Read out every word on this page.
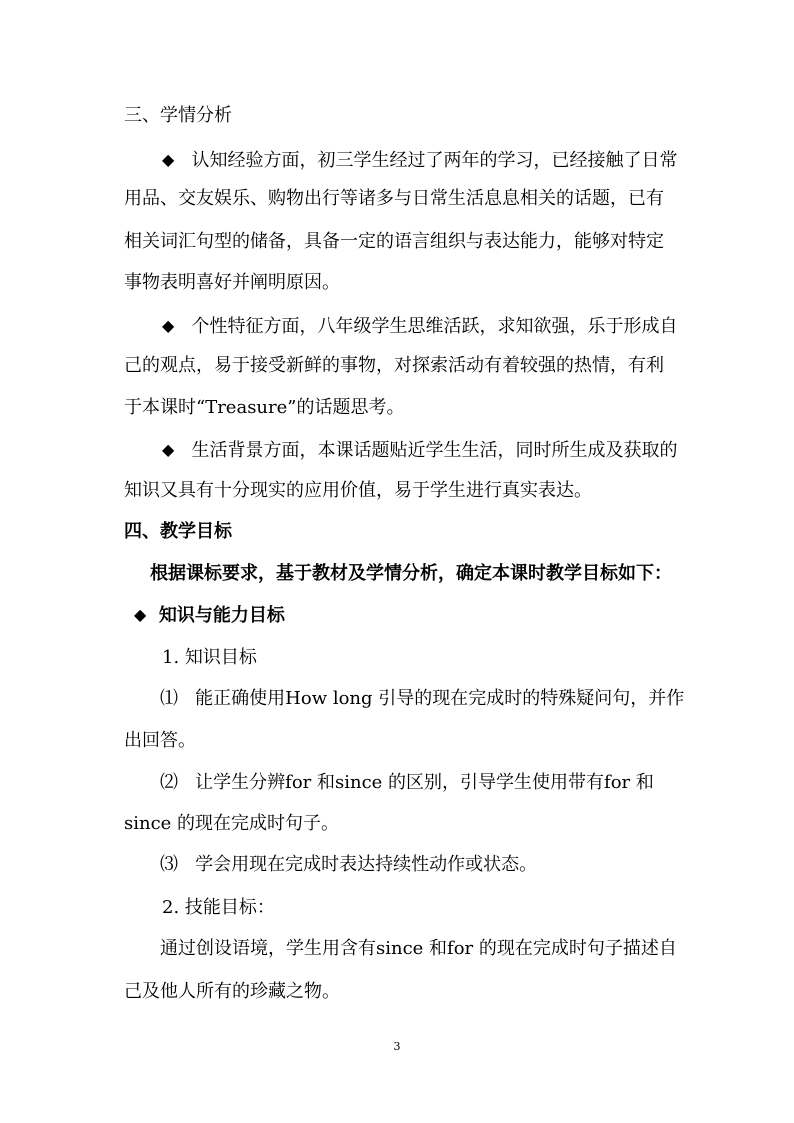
三、学情分析
◆ 认知经验方面，初三学生经过了两年的学习，已经接触了日常
用品、交友娱乐、购物出行等诸多与日常生活息息相关的话题，已有
相关词汇句型的储备，具备一定的语言组织与表达能力，能够对特定
事物表明喜好并阐明原因。
◆ 个性特征方面，八年级学生思维活跃，求知欲强，乐于形成自
己的观点，易于接受新鲜的事物，对探索活动有着较强的热情，有利
于本课时“Treasure”的话题思考。
◆ 生活背景方面，本课话题贴近学生生活，同时所生成及获取的
知识又具有十分现实的应用价值，易于学生进行真实表达。
四、教学目标
根据课标要求，基于教材及学情分析，确定本课时教学目标如下：
◆ 知识与能力目标
1. 知识目标
⑴ 能正确使用How long 引导的现在完成时的特殊疑问句，并作
出回答。
⑵ 让学生分辨for 和since 的区别，引导学生使用带有for 和
since 的现在完成时句子。
⑶ 学会用现在完成时表达持续性动作或状态。
2. 技能目标：
通过创设语境，学生用含有since 和for 的现在完成时句子描述自
己及他人所有的珍藏之物。
3
